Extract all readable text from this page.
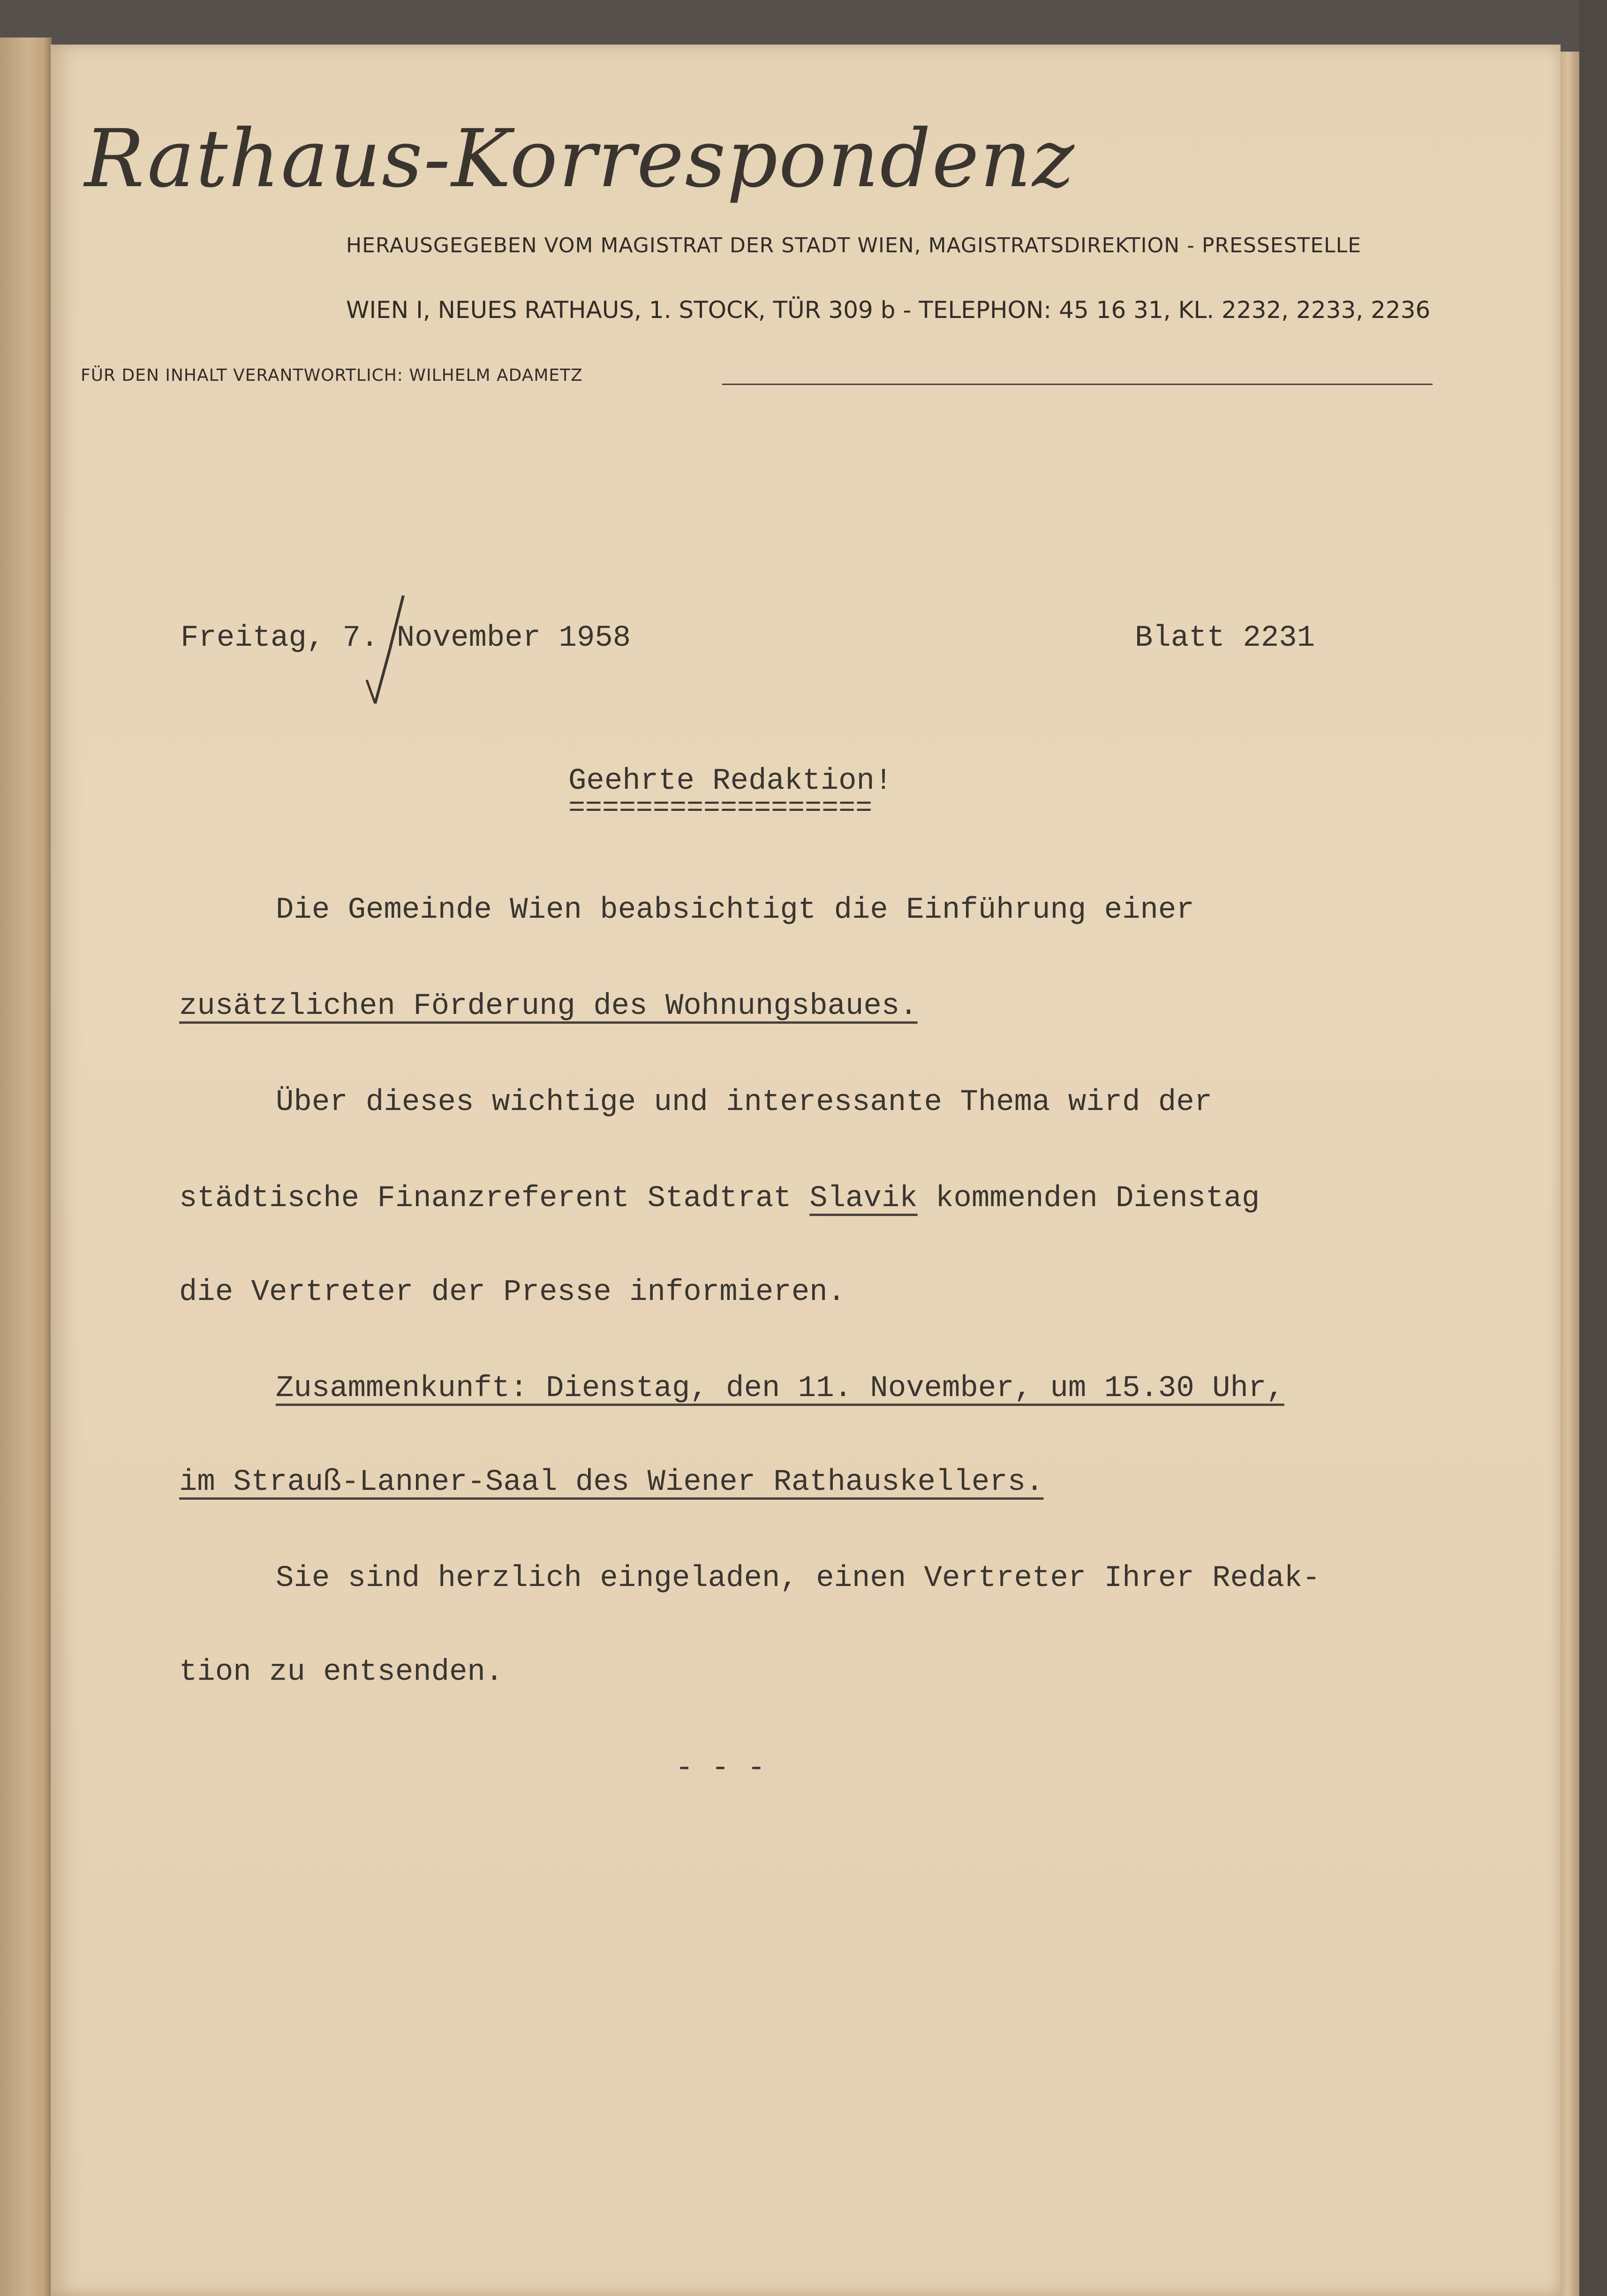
Rathaus-Korrespondenz
HERAUSGEGEBEN VOM MAGISTRAT DER STADT WIEN, MAGISTRATSDIREKTION - PRESSESTELLE
WIEN I, NEUES RATHAUS, 1. STOCK, TÜR 309 b - TELEPHON: 45 16 31, KL. 2232, 2233, 2236
FÜR DEN INHALT VERANTWORTLICH: WILHELM ADAMETZ
Freitag, 7. November 1958	Blatt 2231
Geehrte Redaktion!
==================
Die Gemeinde Wien beabsichtigt die Einführung einer
zusätzlichen Förderung des Wohnungsbaues.
Über dieses wichtige und interessante Thema wird der
städtische Finanzreferent Stadtrat Slavik kommenden Dienstag
die Vertreter der Presse informieren.
Zusammenkunft: Dienstag, den 11. November, um 15.30 Uhr,
im Strauß-Lanner-Saal des Wiener Rathauskellers.
Sie sind herzlich eingeladen, einen Vertreter Ihrer Redak-
tion zu entsenden.
- - -
